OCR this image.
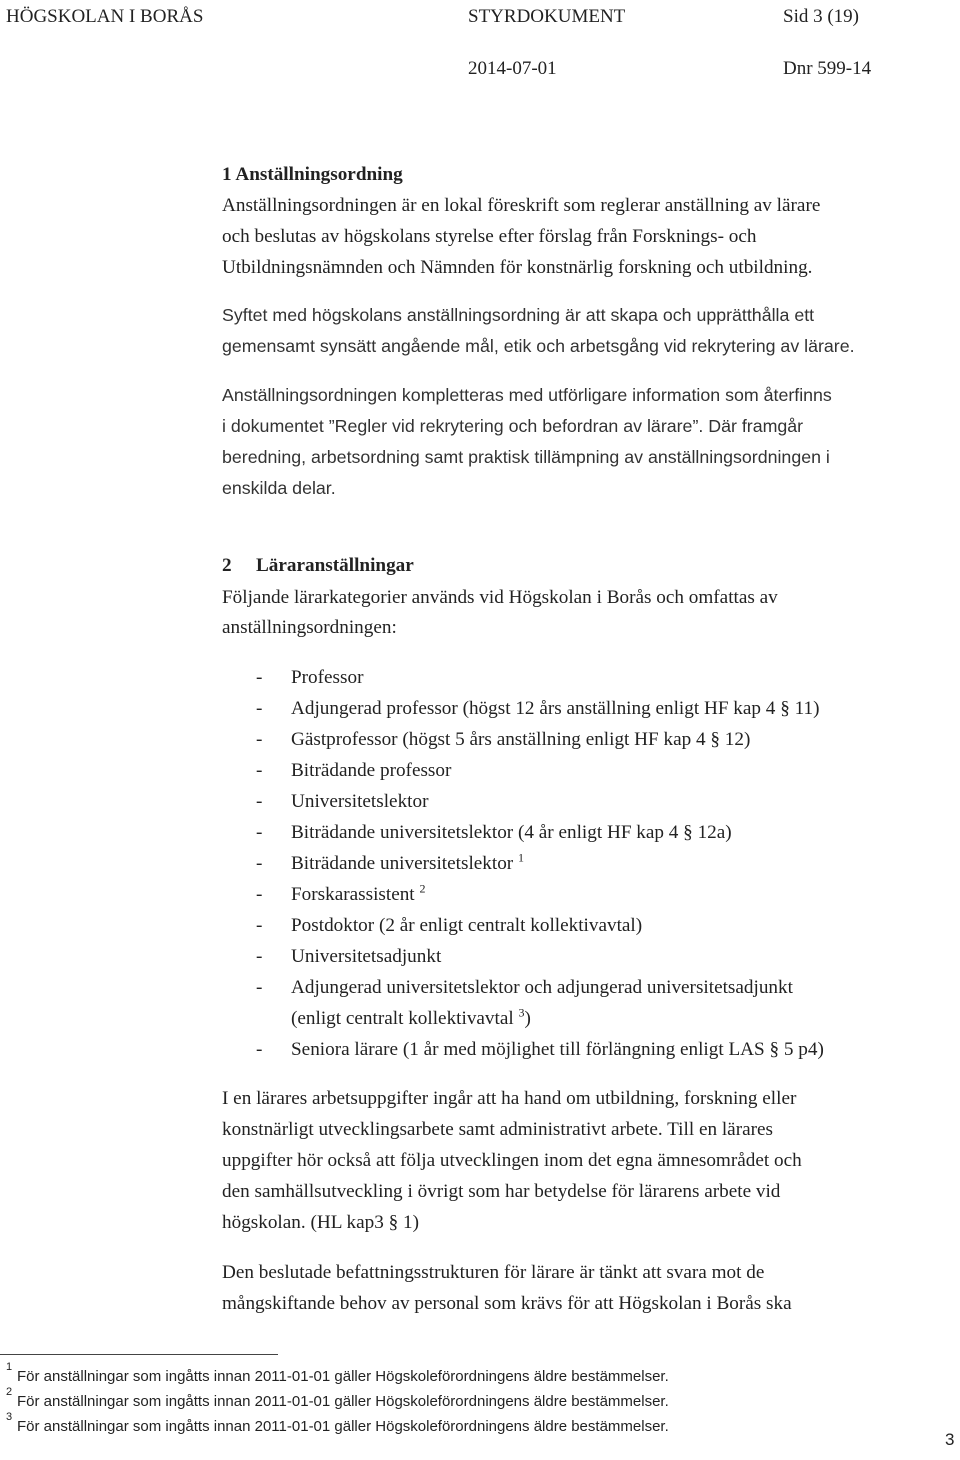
HÖGSKOLAN I BORÅS	STYRDOKUMENT	Sid 3 (19)
2014-07-01	Dnr 599-14
1 Anställningsordning
Anställningsordningen är en lokal föreskrift som reglerar anställning av lärare
och beslutas av högskolans styrelse efter förslag från Forsknings- och
Utbildningsnämnden och Nämnden för konstnärlig forskning och utbildning.
Syftet med högskolans anställningsordning är att skapa och upprätthålla ett
gemensamt synsätt angående mål, etik och arbetsgång vid rekrytering av lärare.
Anställningsordningen kompletteras med utförligare information som återfinns
i dokumentet ”Regler vid rekrytering och befordran av lärare”. Där framgår
beredning, arbetsordning samt praktisk tillämpning av anställningsordningen i
enskilda delar.
2 Läraranställningar
Följande lärarkategorier används vid Högskolan i Borås och omfattas av
anställningsordningen:
- Professor
- Adjungerad professor (högst 12 års anställning enligt HF kap 4 § 11)
- Gästprofessor (högst 5 års anställning enligt HF kap 4 § 12)
- Biträdande professor
- Universitetslektor
- Biträdande universitetslektor (4 år enligt HF kap 4 § 12a)
- Biträdande universitetslektor $^1$
- Forskarassistent $^2$
- Postdoktor (2 år enligt centralt kollektivavtal)
- Universitetsadjunkt
- Adjungerad universitetslektor och adjungerad universitetsadjunkt
(enligt centralt kollektivavtal $^3$)
- Seniora lärare (1 år med möjlighet till förlängning enligt LAS § 5 p4)
I en lärares arbetsuppgifter ingår att ha hand om utbildning, forskning eller
konstnärligt utvecklingsarbete samt administrativt arbete. Till en lärares
uppgifter hör också att följa utvecklingen inom det egna ämnesområdet och
den samhällsutveckling i övrigt som har betydelse för lärarens arbete vid
högskolan. (HL kap3 § 1)
Den beslutade befattningsstrukturen för lärare är tänkt att svara mot de
mångskiftande behov av personal som krävs för att Högskolan i Borås ska
1
För anställningar som ingåtts innan 2011-01-01 gäller Högskoleförordningens äldre bestämmelser.
2
För anställningar som ingåtts innan 2011-01-01 gäller Högskoleförordningens äldre bestämmelser.
3
För anställningar som ingåtts innan 2011-01-01 gäller Högskoleförordningens äldre bestämmelser.
3
